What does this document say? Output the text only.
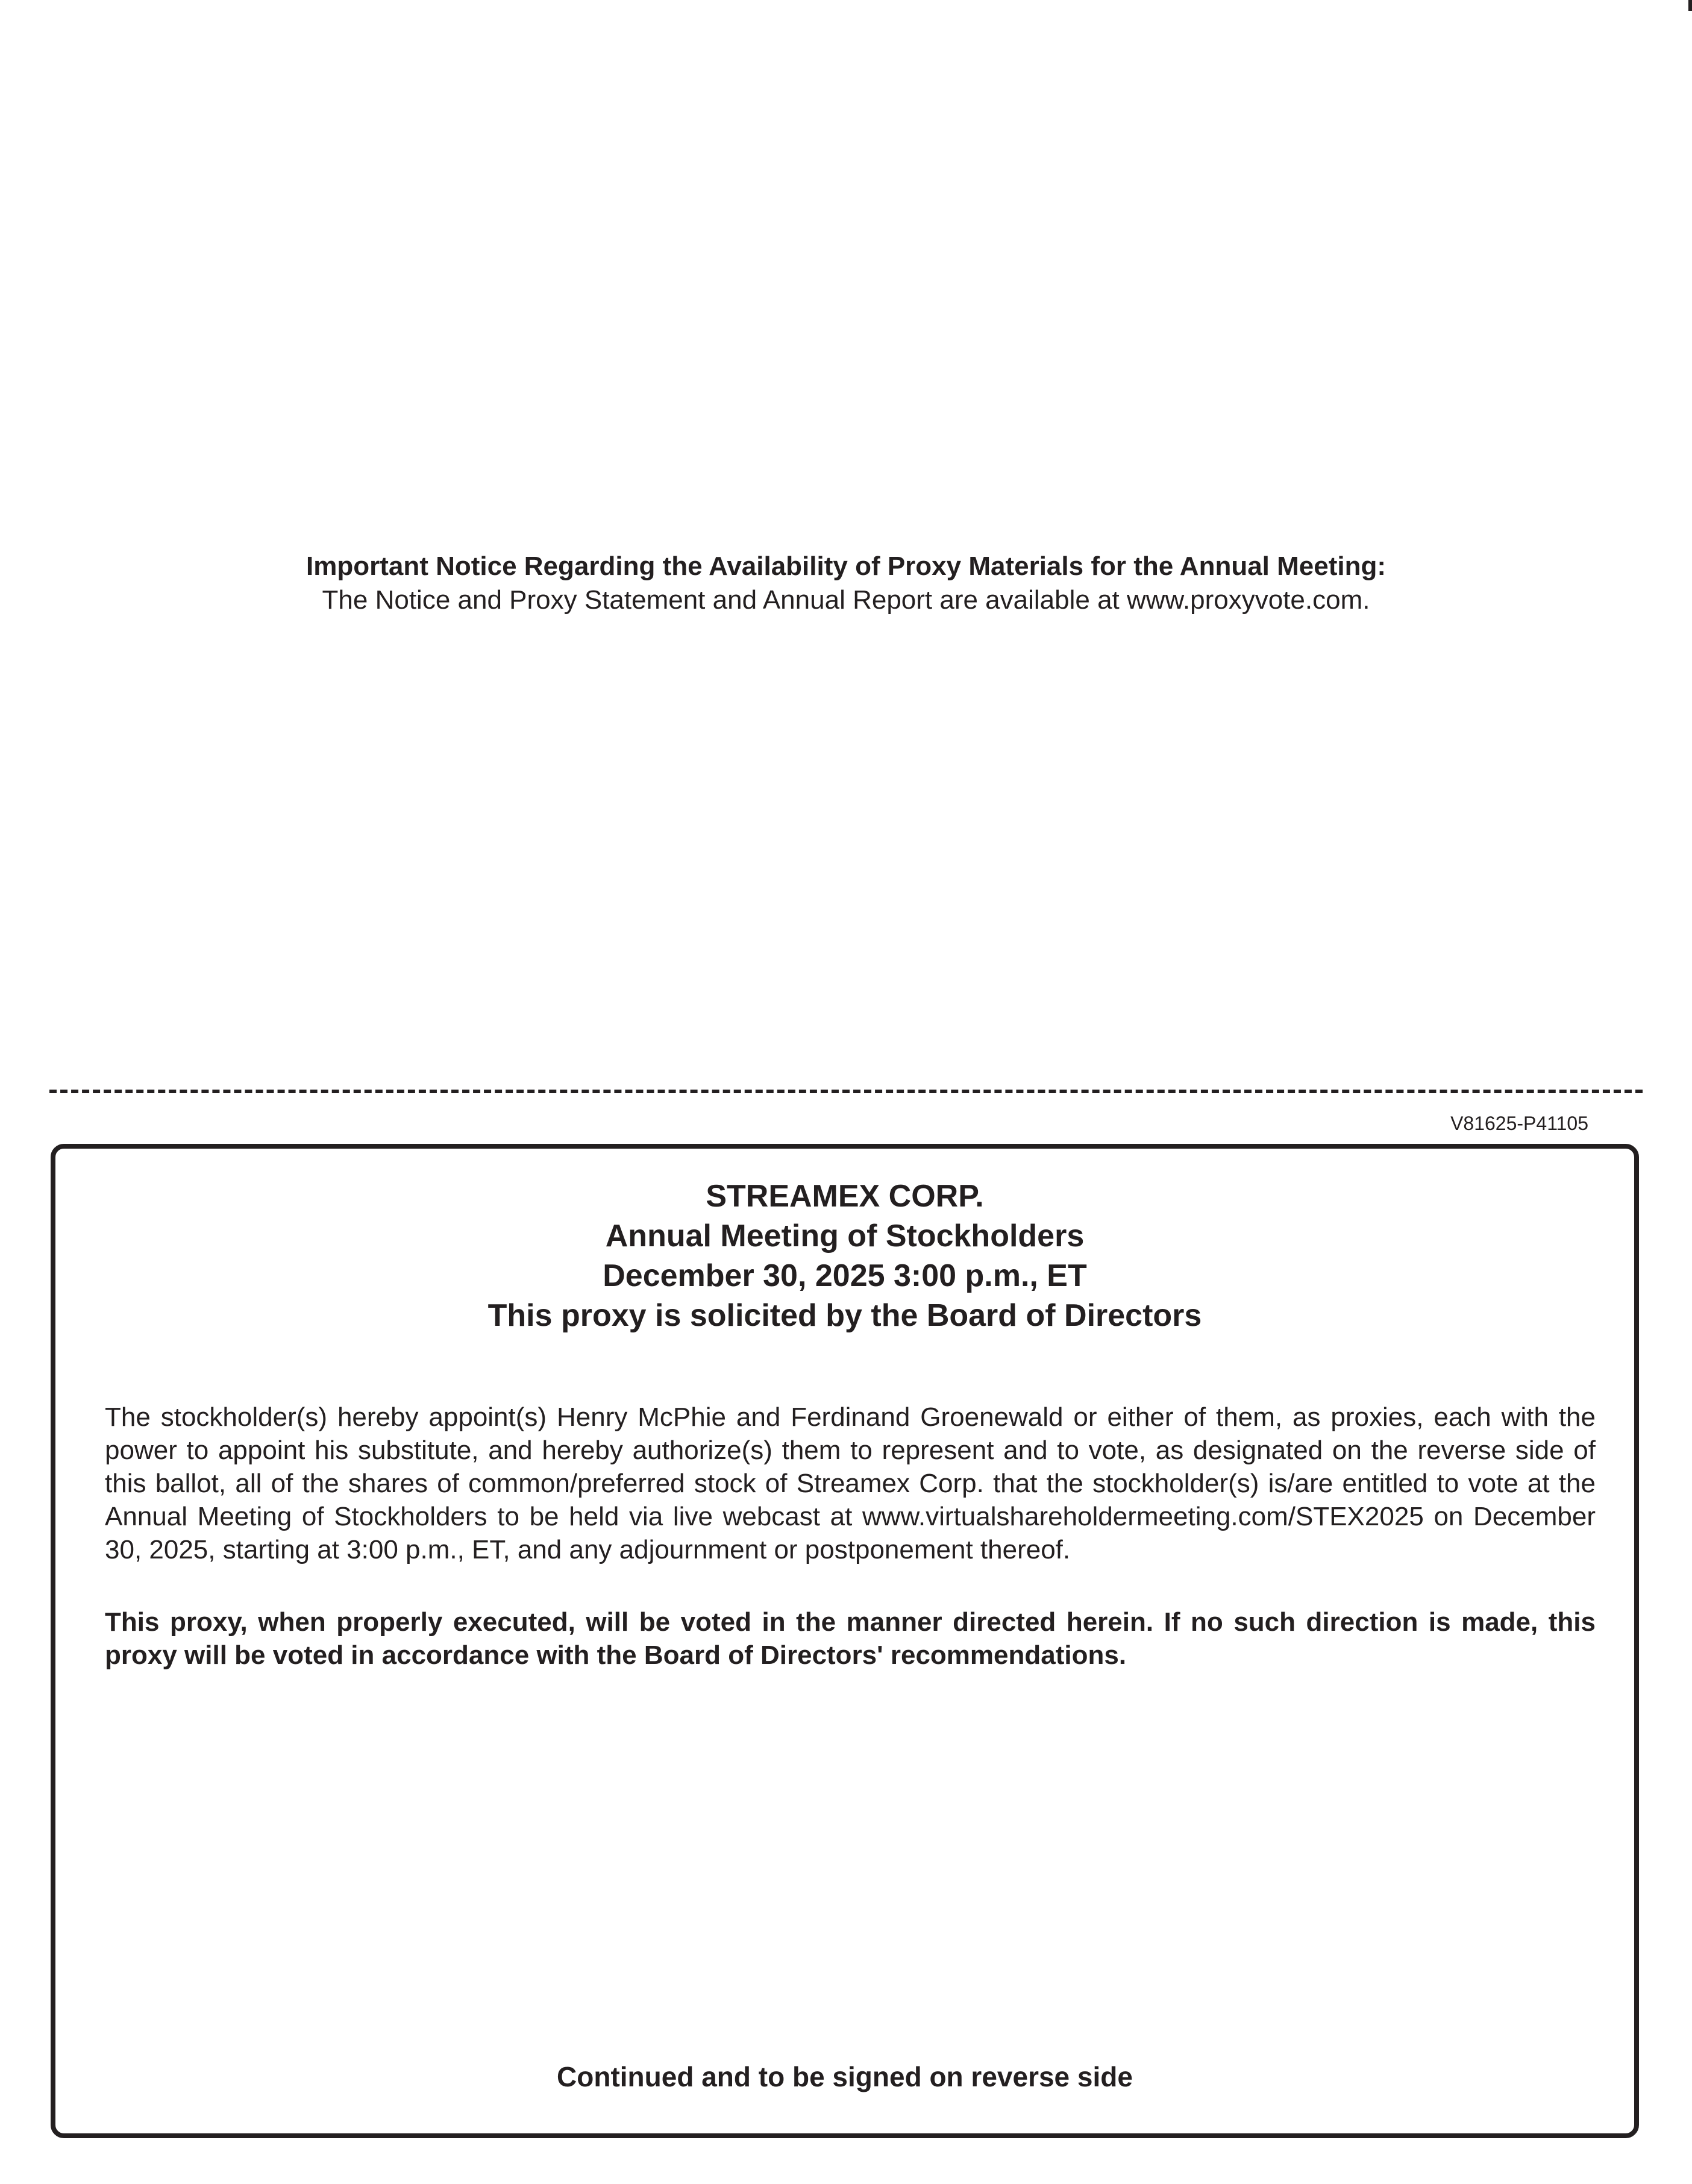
Important Notice Regarding the Availability of Proxy Materials for the Annual Meeting:
The Notice and Proxy Statement and Annual Report are available at www.proxyvote.com.
V81625-P41105
STREAMEX CORP.
Annual Meeting of Stockholders
December 30, 2025 3:00 p.m., ET
This proxy is solicited by the Board of Directors
The stockholder(s) hereby appoint(s) Henry McPhie and Ferdinand Groenewald or either of them, as proxies, each with the power to appoint his substitute, and hereby authorize(s) them to represent and to vote, as designated on the reverse side of this ballot, all of the shares of common/preferred stock of Streamex Corp. that the stockholder(s) is/are entitled to vote at the Annual Meeting of Stockholders to be held via live webcast at www.virtualshareholdermeeting.com/STEX2025 on December 30, 2025, starting at 3:00 p.m., ET, and any adjournment or postponement thereof.
This proxy, when properly executed, will be voted in the manner directed herein. If no such direction is made, this proxy will be voted in accordance with the Board of Directors' recommendations.
Continued and to be signed on reverse side
